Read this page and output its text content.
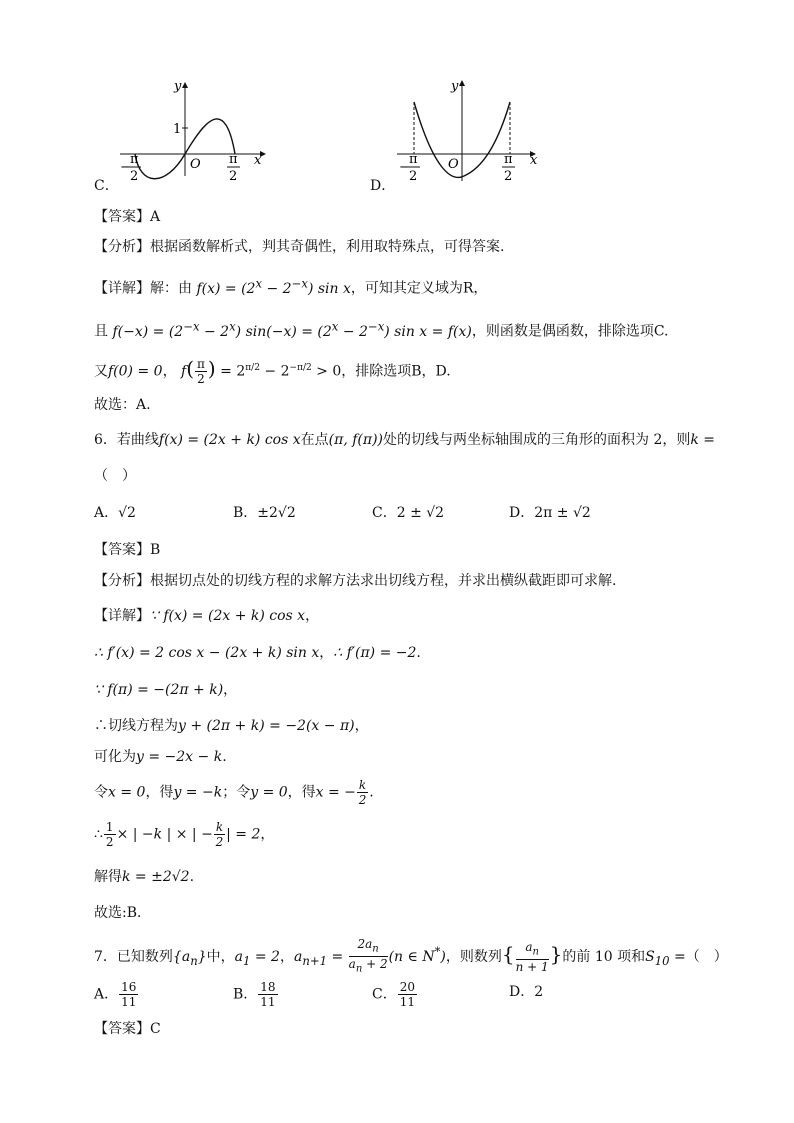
y
x
O
1
−
π
2
π
2
C．
y
x
O
−
π
2
π
2
D．
【答案】A
【分析】根据函数解析式，判其奇偶性，利用取特殊点，可得答案.
【详解】解：由 $f(x) = (2^x - 2^{-x})$ sin x，可知其定义域为R，
且 $f(-x) = (2^{-x} - 2^x) \sin(-x) = (2^x - 2^{-x})$ sin x = f(x)，则函数是偶函数，排除选项C.
又f(0) = 0， $f( \frac{\pi}{2}$ ) = $2^{\pi/2} - 2^{-\pi/2} > 0$，排除选项B，D.
故选：A.
6．若曲线f(x) = (2x + k) cos x在点(π, f(π))处的切线与两坐标轴围成的三角形的面积为 2，则k =
（　）
A．√2	B．±2√2	C．2 ± √2	D．2π ± √2
【答案】B
【分析】根据切点处的切线方程的求解方法求出切线方程，并求出横纵截距即可求解.
【详解】∵ f(x) = (2x + k) cos x，
∴ f′(x) = 2 cos x − (2x + k) sin x，∴ f′(π) = −2.
∵ f(π) = −(2π + k)，
∴切线方程为y + (2π + k) = −2(x − π)，
可化为y = −2x − k.
令x = 0，得y = −k；令y = 0，得x = − $\frac{k}{2}$ .
∴ $\frac{1}{2}$ × | −k | × | − $\frac{k}{2}$ | = 2，
解得k = ±2√2.
故选:B．
7．已知数列$\{a_n\}$中，$a_1 = 2$，$a_{n+1} = \frac{2a_n}{a_n + 2} (n$ ∈ N*)，则数列{ $\frac{a_n}{n + 1}$ }的前 10 项和$S_{10}$ =（　）
A． $\frac{16}{11}$	B． $\frac{18}{11}$	C． $\frac{20}{11}$	D．2
【答案】C
